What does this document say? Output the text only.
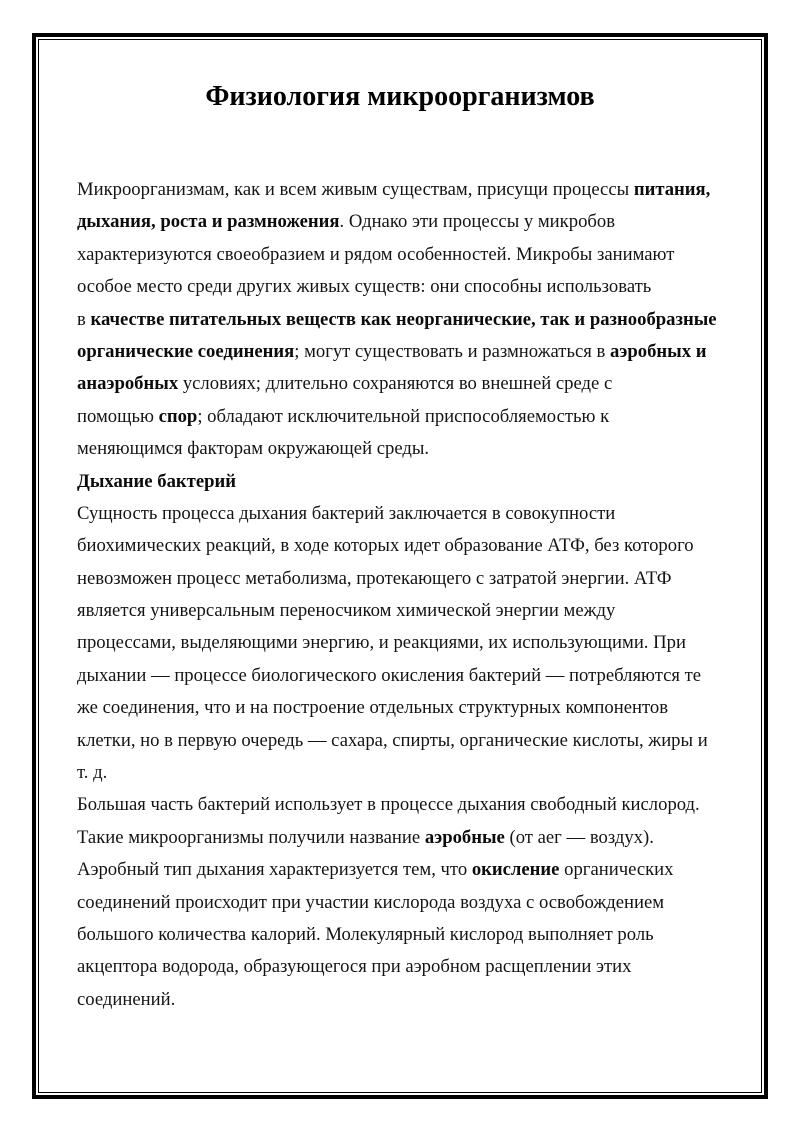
Физиология микроорганизмов
Микроорганизмам, как и всем живым существам, присущи процессы питания,
дыхания, роста и размножения. Однако эти процессы у микробов
характеризуются своеобразием и рядом особенностей. Микробы занимают
особое место среди других живых существ: они способны использовать
в качестве питательных веществ как неорганические, так и разнообразные
органические соединения; могут существовать и размножаться в аэробных и
анаэробных условиях; длительно сохраняются во внешней среде с
помощью спор; обладают исключительной приспособляемостью к
меняющимся факторам окружающей среды.
Дыхание бактерий
Сущность процесса дыхания бактерий заключается в совокупности
биохимических реакций, в ходе которых идет образование АТФ, без которого
невозможен процесс метаболизма, протекающего с затратой энергии. АТФ
является универсальным переносчиком химической энергии между
процессами, выделяющими энергию, и реакциями, их использующими. При
дыхании — процессе биологического окисления бактерий — потребляются те
же соединения, что и на построение отдельных структурных компонентов
клетки, но в первую очередь — сахара, спирты, органические кислоты, жиры и
т. д.
Большая часть бактерий использует в процессе дыхания свободный кислород.
Такие микроорганизмы получили название аэробные (от аег — воздух).
Аэробный тип дыхания характеризуется тем, что окисление органических
соединений происходит при участии кислорода воздуха с освобождением
большого количества калорий. Молекулярный кислород выполняет роль
акцептора водорода, образующегося при аэробном расщеплении этих
соединений.
